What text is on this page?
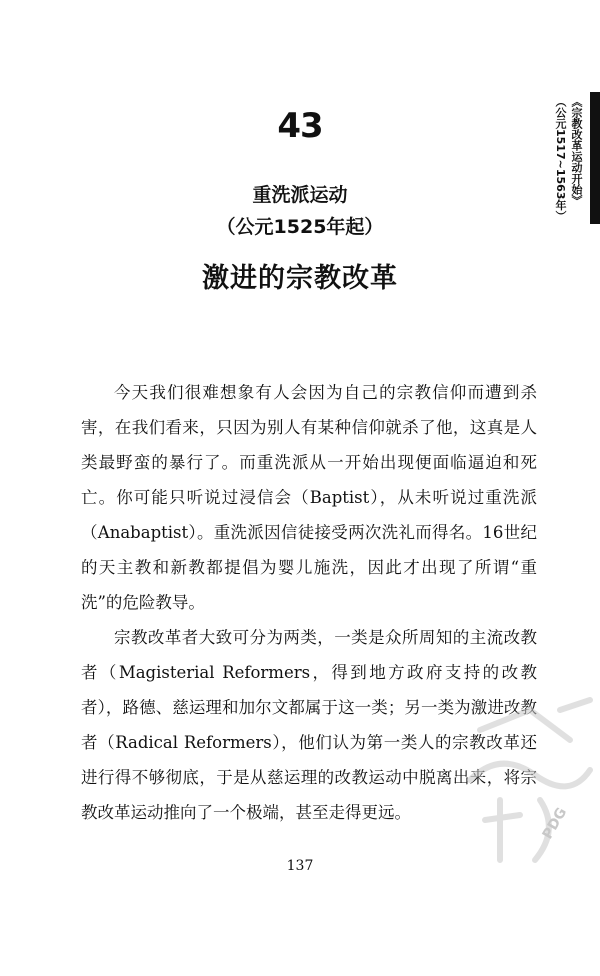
《宗教改革运动开始》
（公元1517~1563年）
43
重洗派运动
（公元1525年起）
激进的宗教改革

今天我们很难想象有人会因为自己的宗教信仰而遭到杀害，在我们看来，只因为别人有某种信仰就杀了他，这真是人类最野蛮的暴行了。而重洗派从一开始出现便面临逼迫和死亡。你可能只听说过浸信会（Baptist），从未听说过重洗派（Anabaptist）。重洗派因信徒接受两次洗礼而得名。16世纪的天主教和新教都提倡为婴儿施洗，因此才出现了所谓“重洗”的危险教导。

宗教改革者大致可分为两类，一类是众所周知的主流改教者（Magisterial Reformers，得到地方政府支持的改教者），路德、慈运理和加尔文都属于这一类；另一类为激进改教者（Radical Reformers），他们认为第一类人的宗教改革还进行得不够彻底，于是从慈运理的改教运动中脱离出来，将宗教改革运动推向了一个极端，甚至走得更远。

137
PDG
